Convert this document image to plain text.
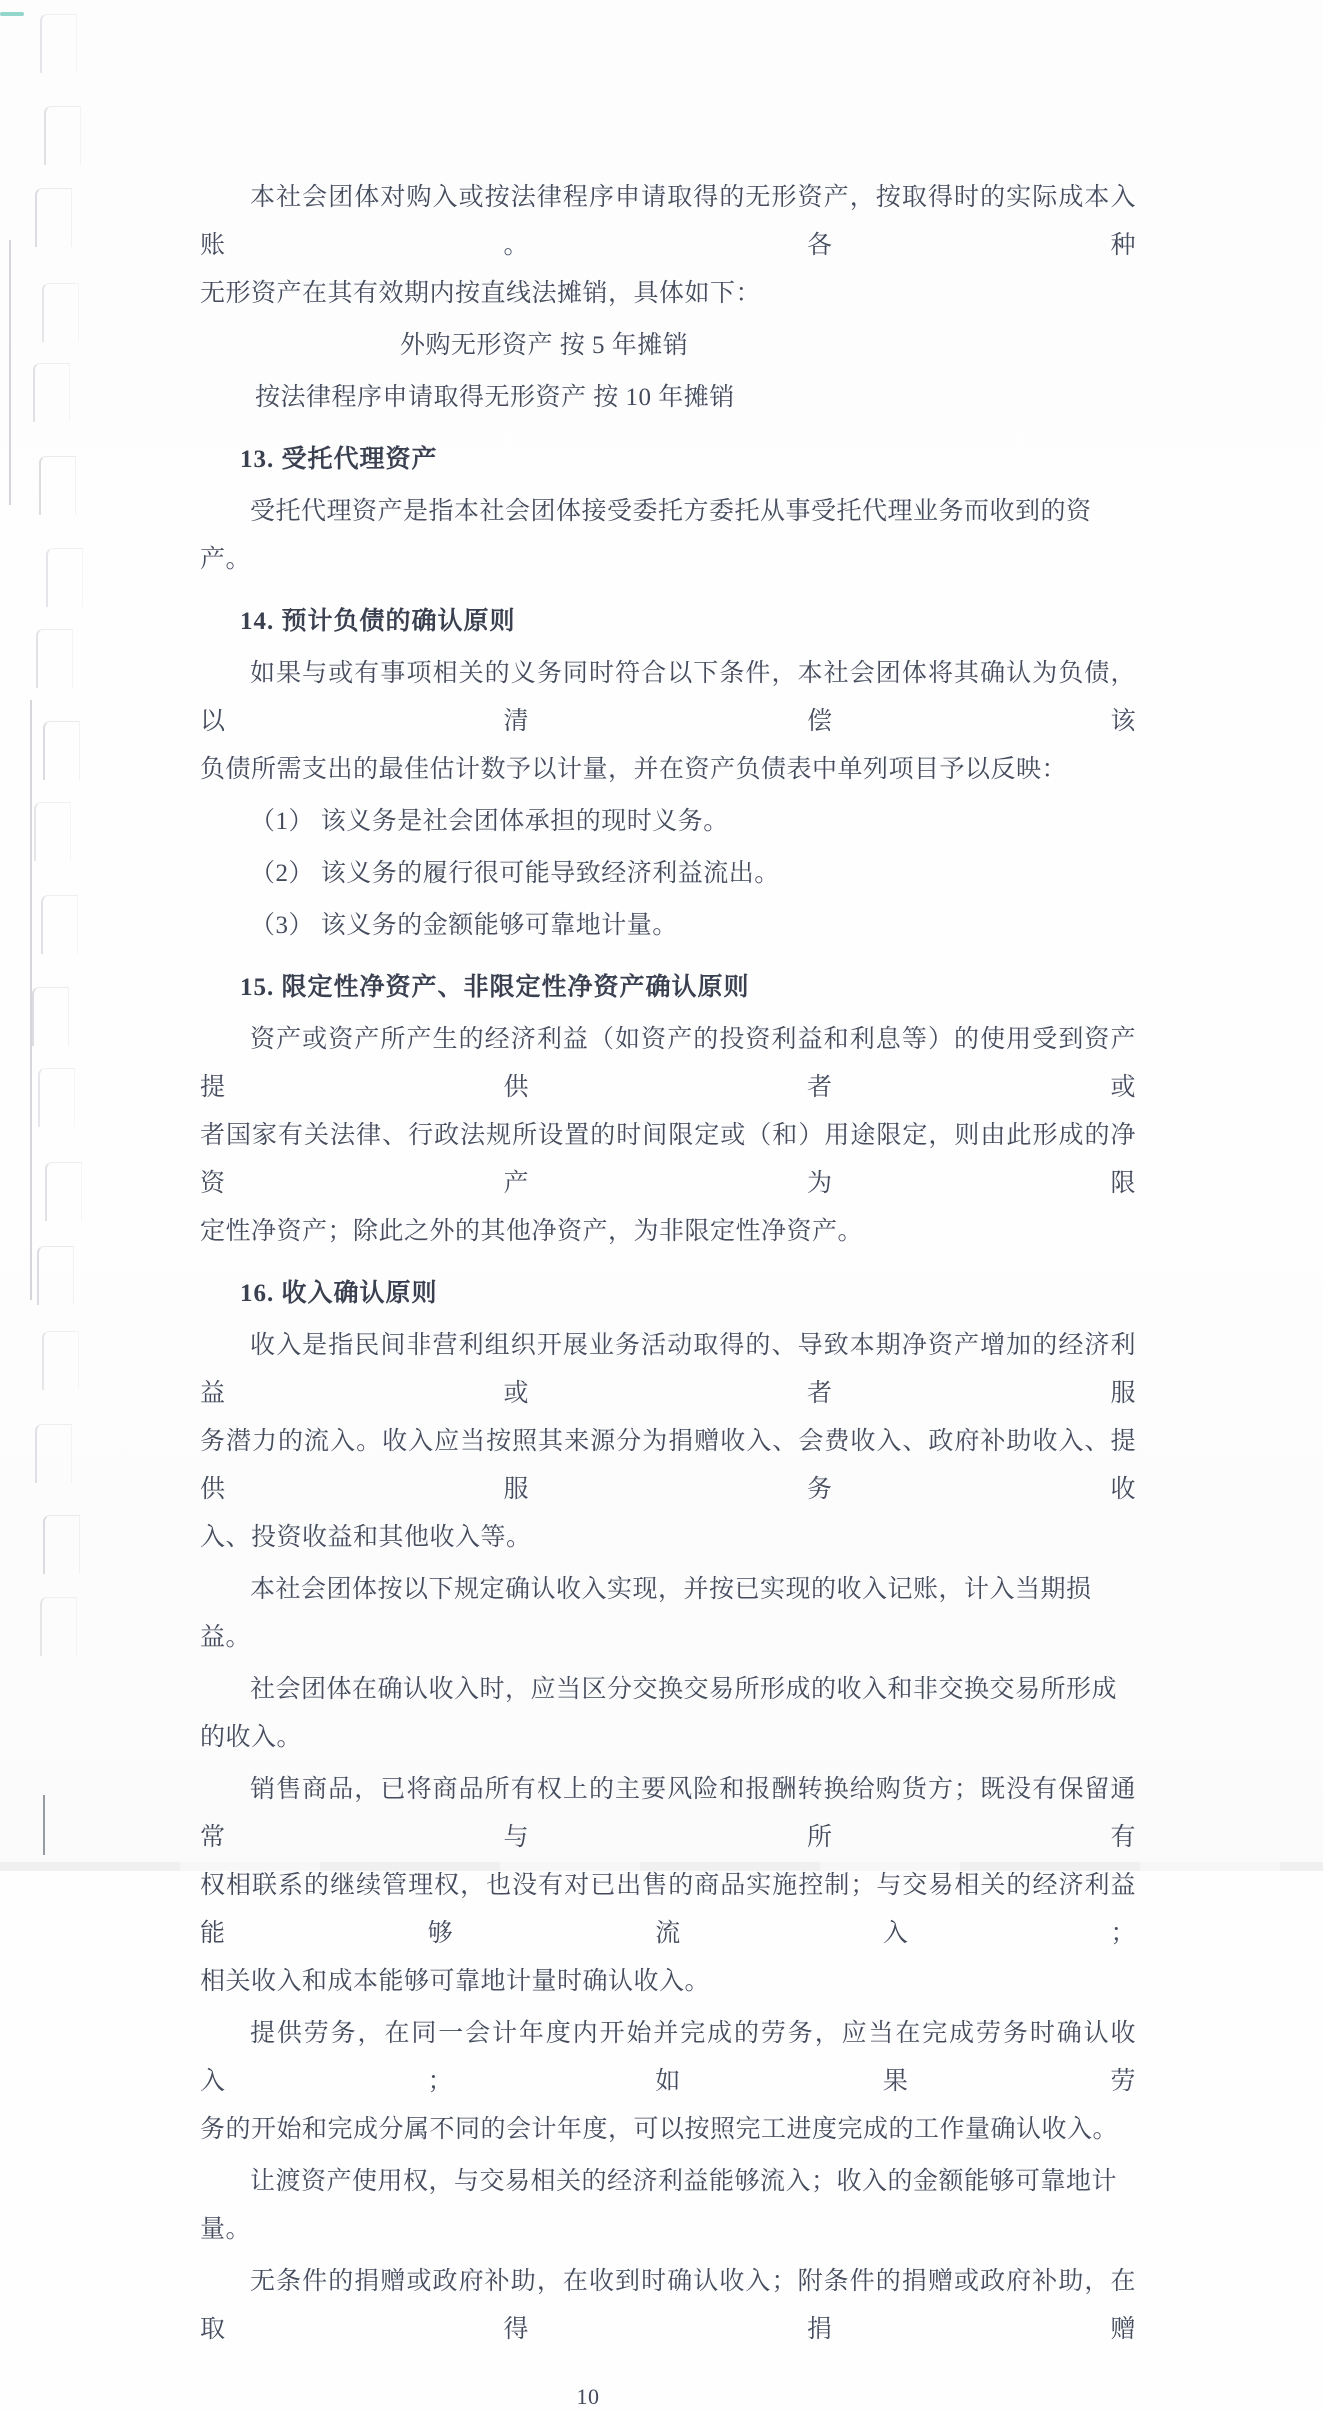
本社会团体对购入或按法律程序申请取得的无形资产，按取得时的实际成本入账。各种
无形资产在其有效期内按直线法摊销，具体如下：
外购无形资产 按 5 年摊销
按法律程序申请取得无形资产 按 10 年摊销
13. 受托代理资产
受托代理资产是指本社会团体接受委托方委托从事受托代理业务而收到的资产。
14. 预计负债的确认原则
如果与或有事项相关的义务同时符合以下条件，本社会团体将其确认为负债，以清偿该
负债所需支出的最佳估计数予以计量，并在资产负债表中单列项目予以反映：
（1） 该义务是社会团体承担的现时义务。
（2） 该义务的履行很可能导致经济利益流出。
（3） 该义务的金额能够可靠地计量。
15. 限定性净资产、非限定性净资产确认原则
资产或资产所产生的经济利益（如资产的投资利益和利息等）的使用受到资产提供者或
者国家有关法律、行政法规所设置的时间限定或（和）用途限定，则由此形成的净资产为限
定性净资产；除此之外的其他净资产，为非限定性净资产。
16. 收入确认原则
收入是指民间非营利组织开展业务活动取得的、导致本期净资产增加的经济利益或者服
务潜力的流入。收入应当按照其来源分为捐赠收入、会费收入、政府补助收入、提供服务收
入、投资收益和其他收入等。
本社会团体按以下规定确认收入实现，并按已实现的收入记账，计入当期损益。
社会团体在确认收入时，应当区分交换交易所形成的收入和非交换交易所形成的收入。
销售商品，已将商品所有权上的主要风险和报酬转换给购货方；既没有保留通常与所有
权相联系的继续管理权，也没有对已出售的商品实施控制；与交易相关的经济利益能够流入；
相关收入和成本能够可靠地计量时确认收入。
提供劳务，在同一会计年度内开始并完成的劳务，应当在完成劳务时确认收入；如果劳
务的开始和完成分属不同的会计年度，可以按照完工进度完成的工作量确认收入。
让渡资产使用权，与交易相关的经济利益能够流入；收入的金额能够可靠地计量。
无条件的捐赠或政府补助，在收到时确认收入；附条件的捐赠或政府补助，在取得捐赠
10
